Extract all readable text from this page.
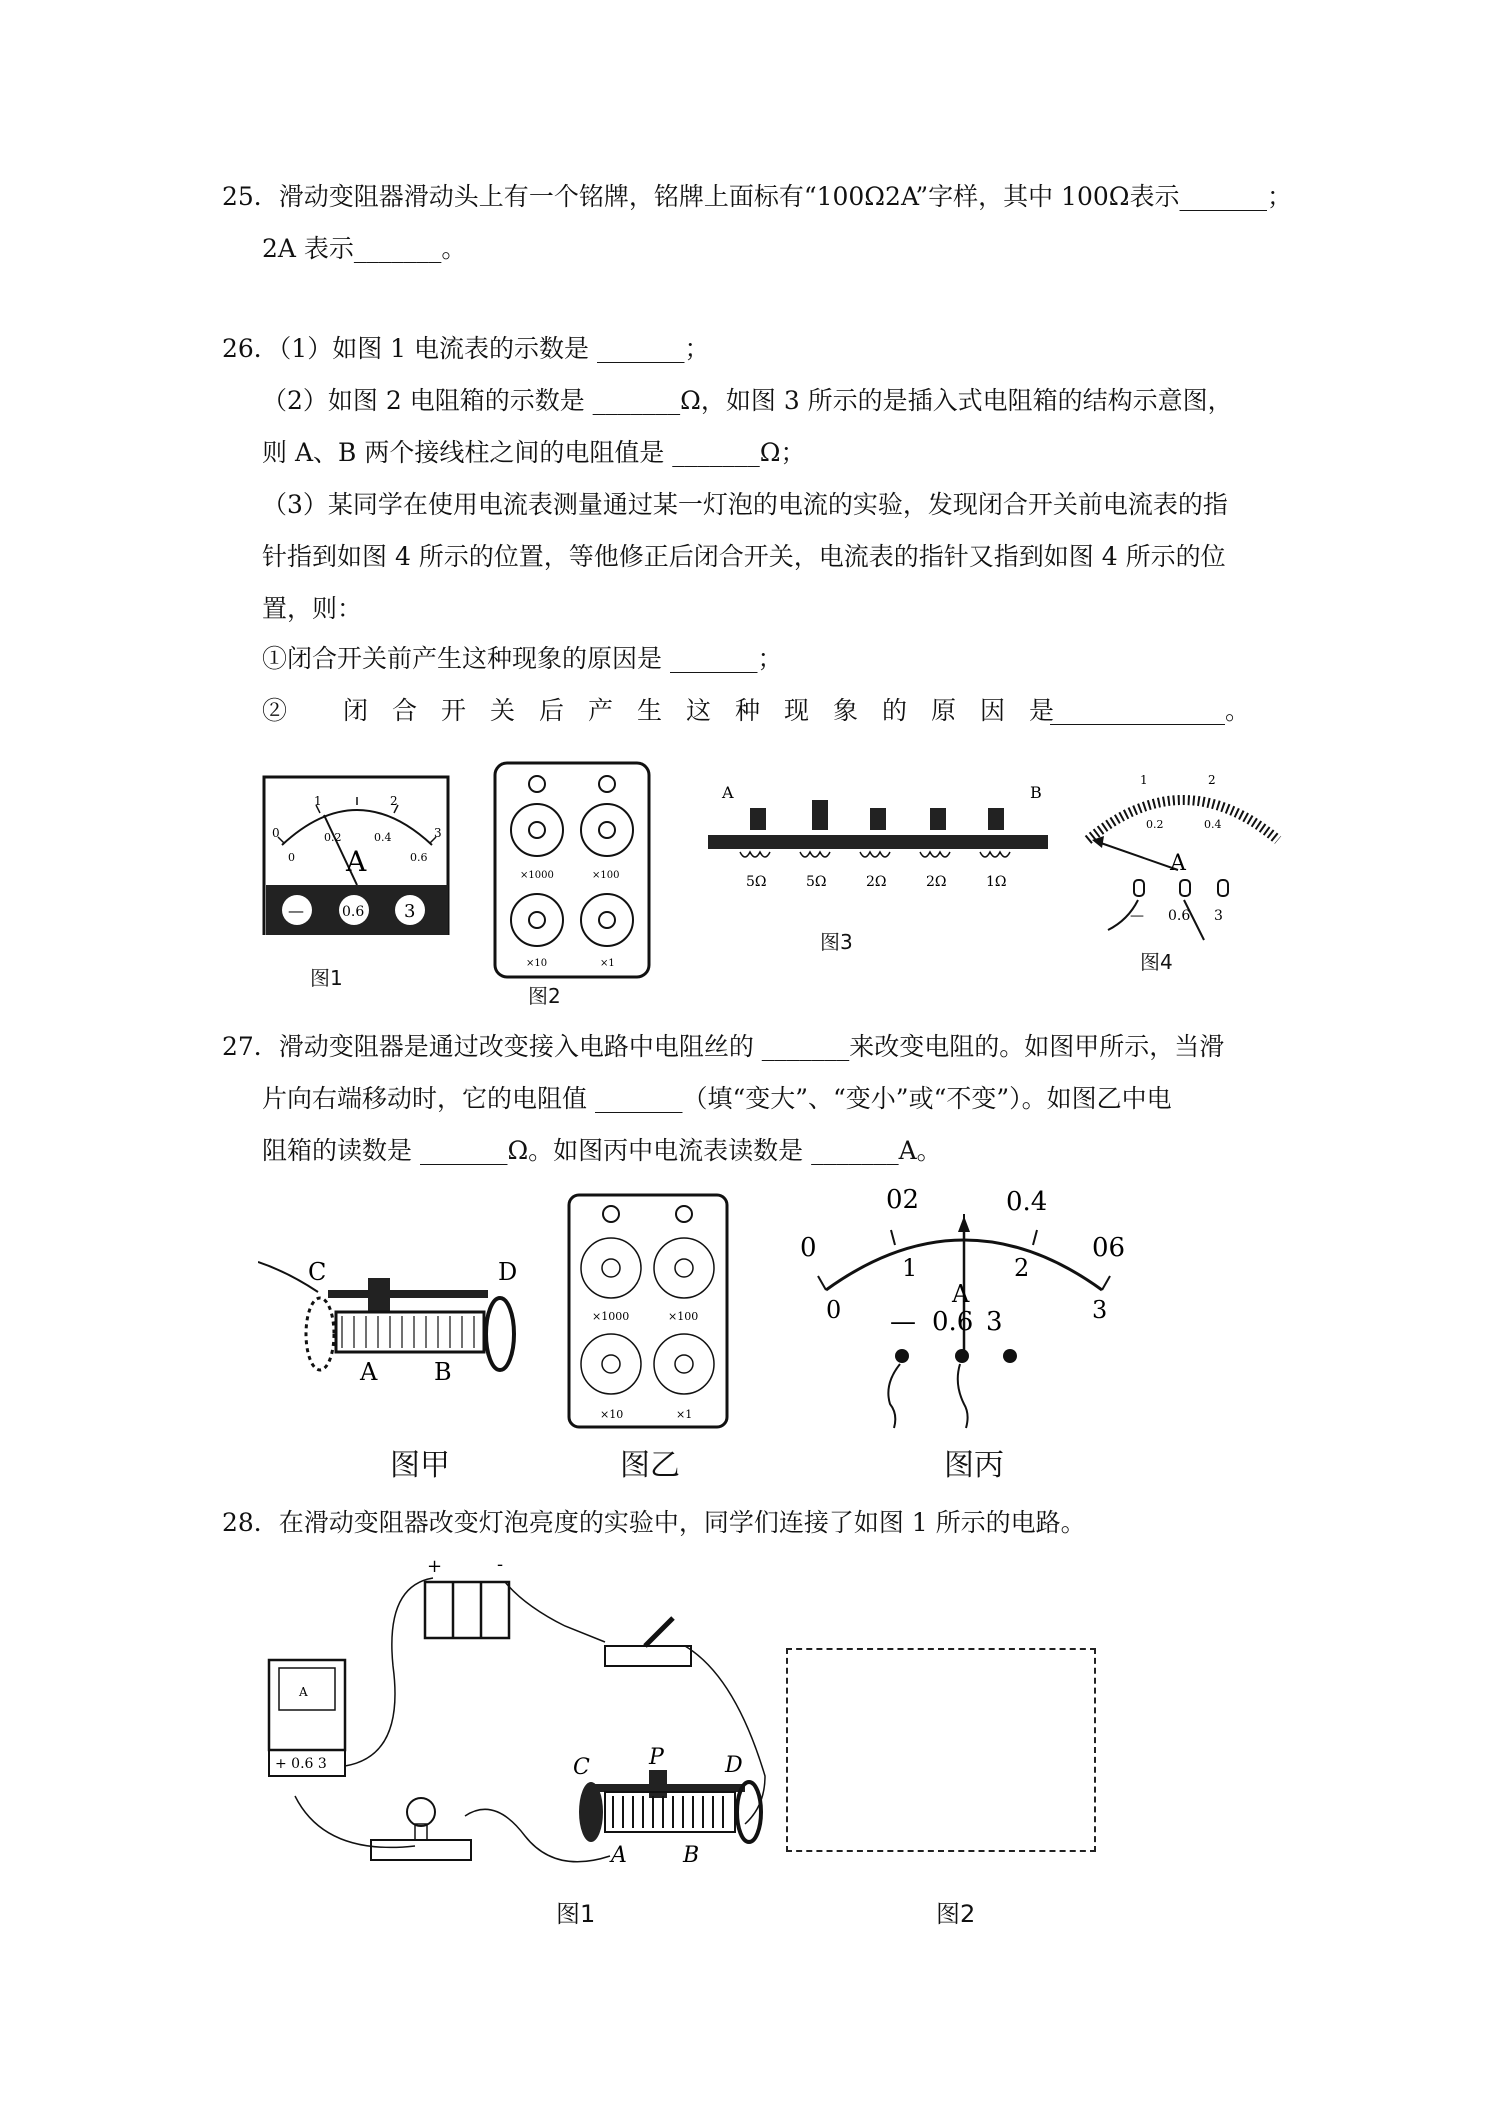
25．滑动变阻器滑动头上有一个铭牌，铭牌上面标有“100Ω2A”字样，其中 100Ω表示_______；
2A 表示_______。
26．（1）如图 1 电流表的示数是 _______；
（2）如图 2 电阻箱的示数是 _______Ω，如图 3 所示的是插入式电阻箱的结构示意图，
则 A、B 两个接线柱之间的电阻值是 _______Ω；
（3）某同学在使用电流表测量通过某一灯泡的电流的实验，发现闭合开关前电流表的指
针指到如图 4 所示的位置，等他修正后闭合开关，电流表的指针又指到如图 4 所示的位
置，则：
①闭合开关前产生这种现象的原因是 _______；
② 闭合开关后产生这种现象的原因是
______________。
0
1	2
3
0
0.2	0.4
0.6
A
—	0.6 3
图1
×1000	×100
×10	×1
图2
A	B
5Ω	5Ω	2Ω	2Ω	1Ω
图3
1	2
0.2	0.4
A
— 0.6 3
图4
27．滑动变阻器是通过改变接入电路中电阻丝的 _______来改变电阻的。如图甲所示，当滑
片向右端移动时，它的电阻值 _______（填“变大”、“变小”或“不变”）。如图乙中电
阻箱的读数是 _______Ω。如图丙中电流表读数是 _______A。
C	D
A B
图甲
×1000	×100
×10	×1
图乙
0
02	0.4
06
0
1	2
3
A
— 0.6 3
图丙
28．在滑动变阻器改变灯泡亮度的实验中，同学们连接了如图 1 所示的电路。
+	-
A
+ 0.6 3	C	P	D
A	B
图1	图2
